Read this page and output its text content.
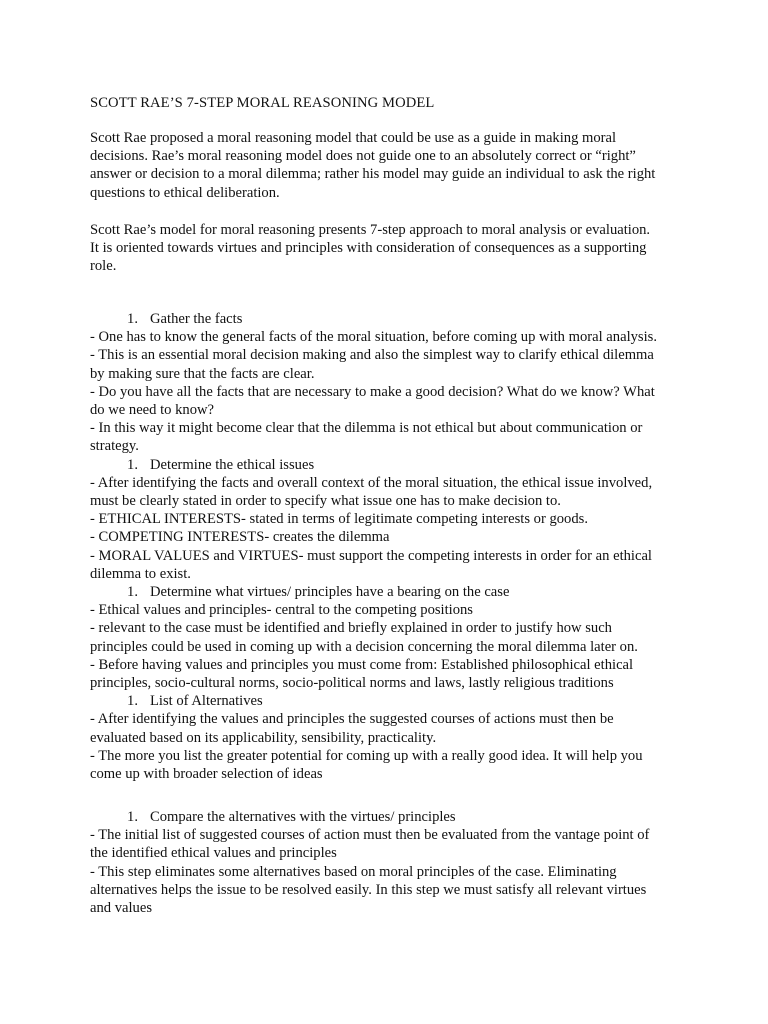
SCOTT RAE’S 7-STEP MORAL REASONING MODEL
Scott Rae proposed a moral reasoning model that could be use as a guide in making moral
decisions. Rae’s moral reasoning model does not guide one to an absolutely correct or “right”
answer or decision to a moral dilemma; rather his model may guide an individual to ask the right
questions to ethical deliberation.
Scott Rae’s model for moral reasoning presents 7-step approach to moral analysis or evaluation.
It is oriented towards virtues and principles with consideration of consequences as a supporting
role.
1. Gather the facts
- One has to know the general facts of the moral situation, before coming up with moral analysis.
- This is an essential moral decision making and also the simplest way to clarify ethical dilemma
by making sure that the facts are clear.
- Do you have all the facts that are necessary to make a good decision? What do we know? What
do we need to know?
- In this way it might become clear that the dilemma is not ethical but about communication or
strategy.
1. Determine the ethical issues
- After identifying the facts and overall context of the moral situation, the ethical issue involved,
must be clearly stated in order to specify what issue one has to make decision to.
- ETHICAL INTERESTS- stated in terms of legitimate competing interests or goods.
- COMPETING INTERESTS- creates the dilemma
- MORAL VALUES and VIRTUES- must support the competing interests in order for an ethical
dilemma to exist.
1. Determine what virtues/ principles have a bearing on the case
- Ethical values and principles- central to the competing positions
- relevant to the case must be identified and briefly explained in order to justify how such
principles could be used in coming up with a decision concerning the moral dilemma later on.
- Before having values and principles you must come from: Established philosophical ethical
principles, socio-cultural norms, socio-political norms and laws, lastly religious traditions
1. List of Alternatives
- After identifying the values and principles the suggested courses of actions must then be
evaluated based on its applicability, sensibility, practicality.
- The more you list the greater potential for coming up with a really good idea. It will help you
come up with broader selection of ideas
1. Compare the alternatives with the virtues/ principles
- The initial list of suggested courses of action must then be evaluated from the vantage point of
the identified ethical values and principles
- This step eliminates some alternatives based on moral principles of the case. Eliminating
alternatives helps the issue to be resolved easily. In this step we must satisfy all relevant virtues
and values
